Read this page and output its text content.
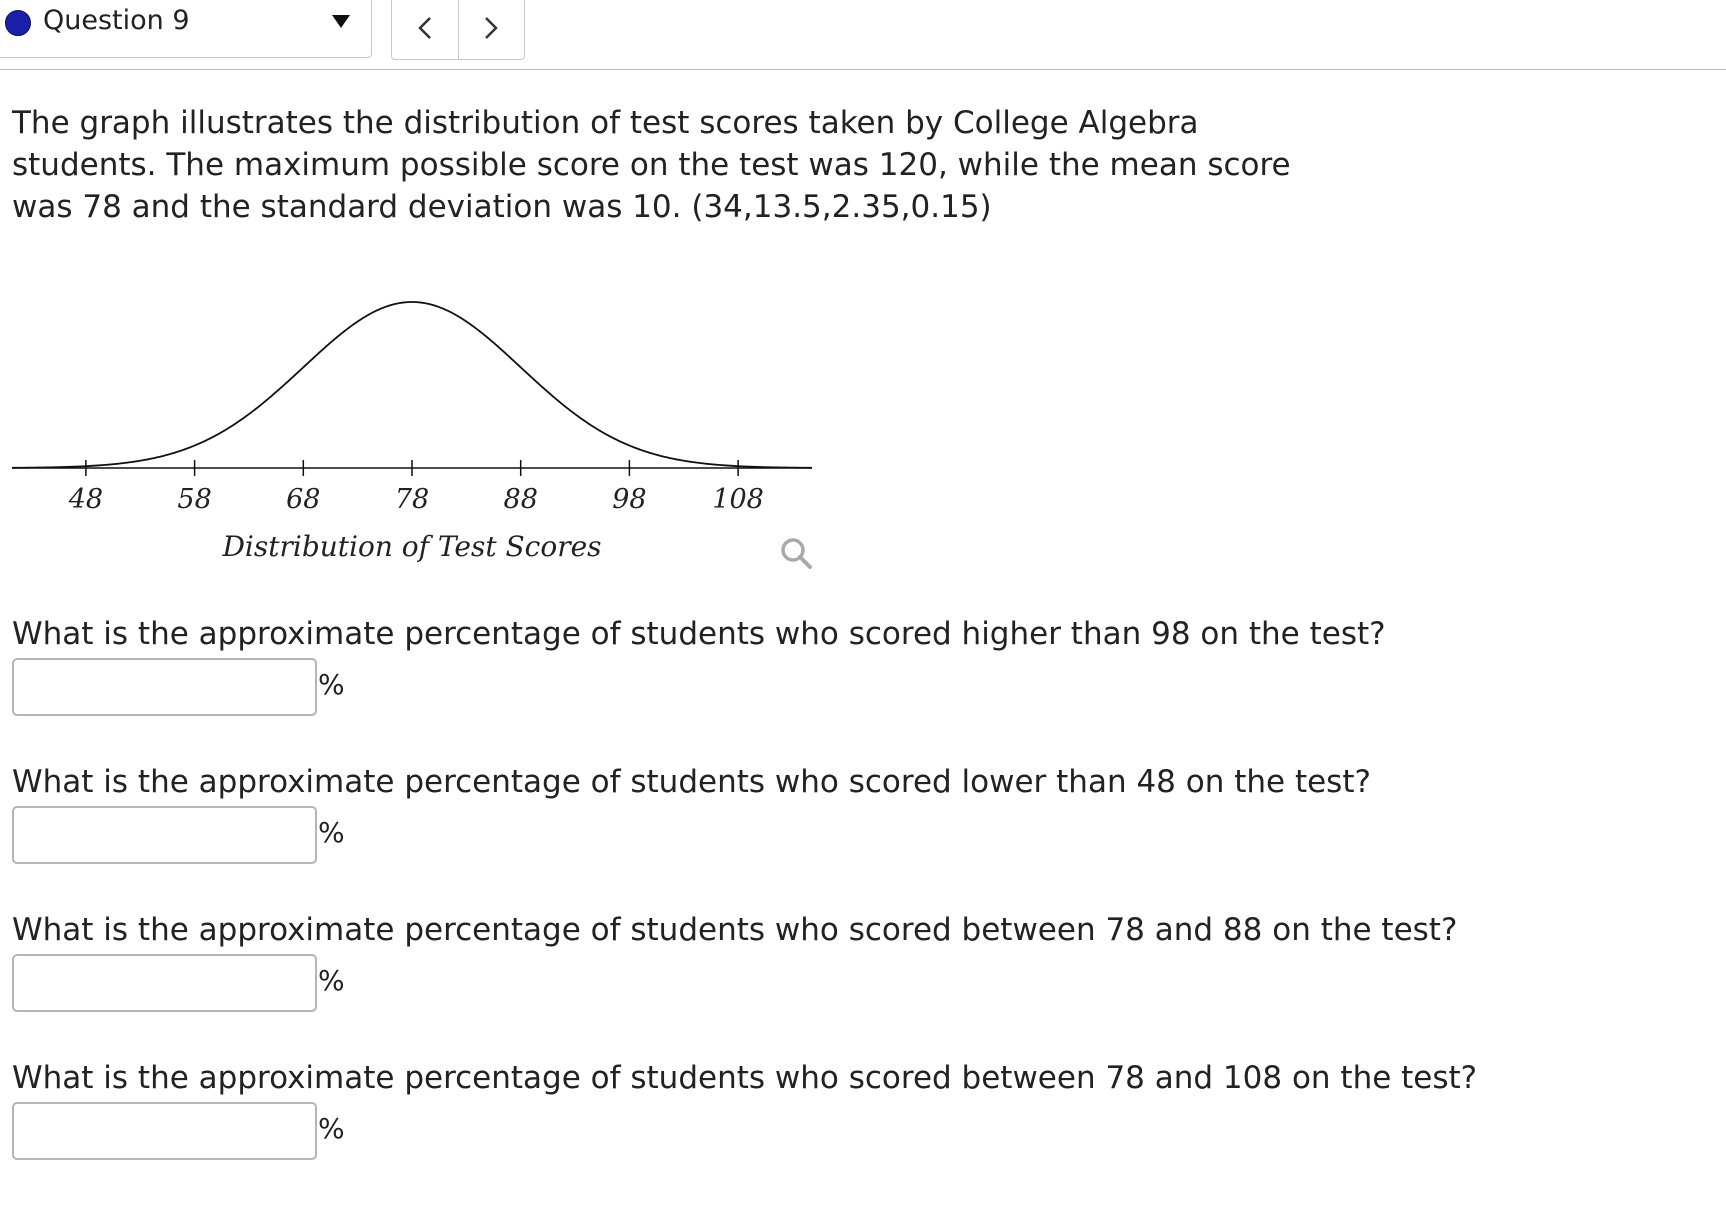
Question 9
The graph illustrates the distribution of test scores taken by College Algebra students. The maximum possible score on the test was 120, while the mean score was 78 and the standard deviation was 10. (34,13.5,2.35,0.15)
48	58	68	78	88	98 108
Distribution of Test Scores
What is the approximate percentage of students who scored higher than 98 on the test?
%
What is the approximate percentage of students who scored lower than 48 on the test?
%
What is the approximate percentage of students who scored between 78 and 88 on the test?
%
What is the approximate percentage of students who scored between 78 and 108 on the test?
%
